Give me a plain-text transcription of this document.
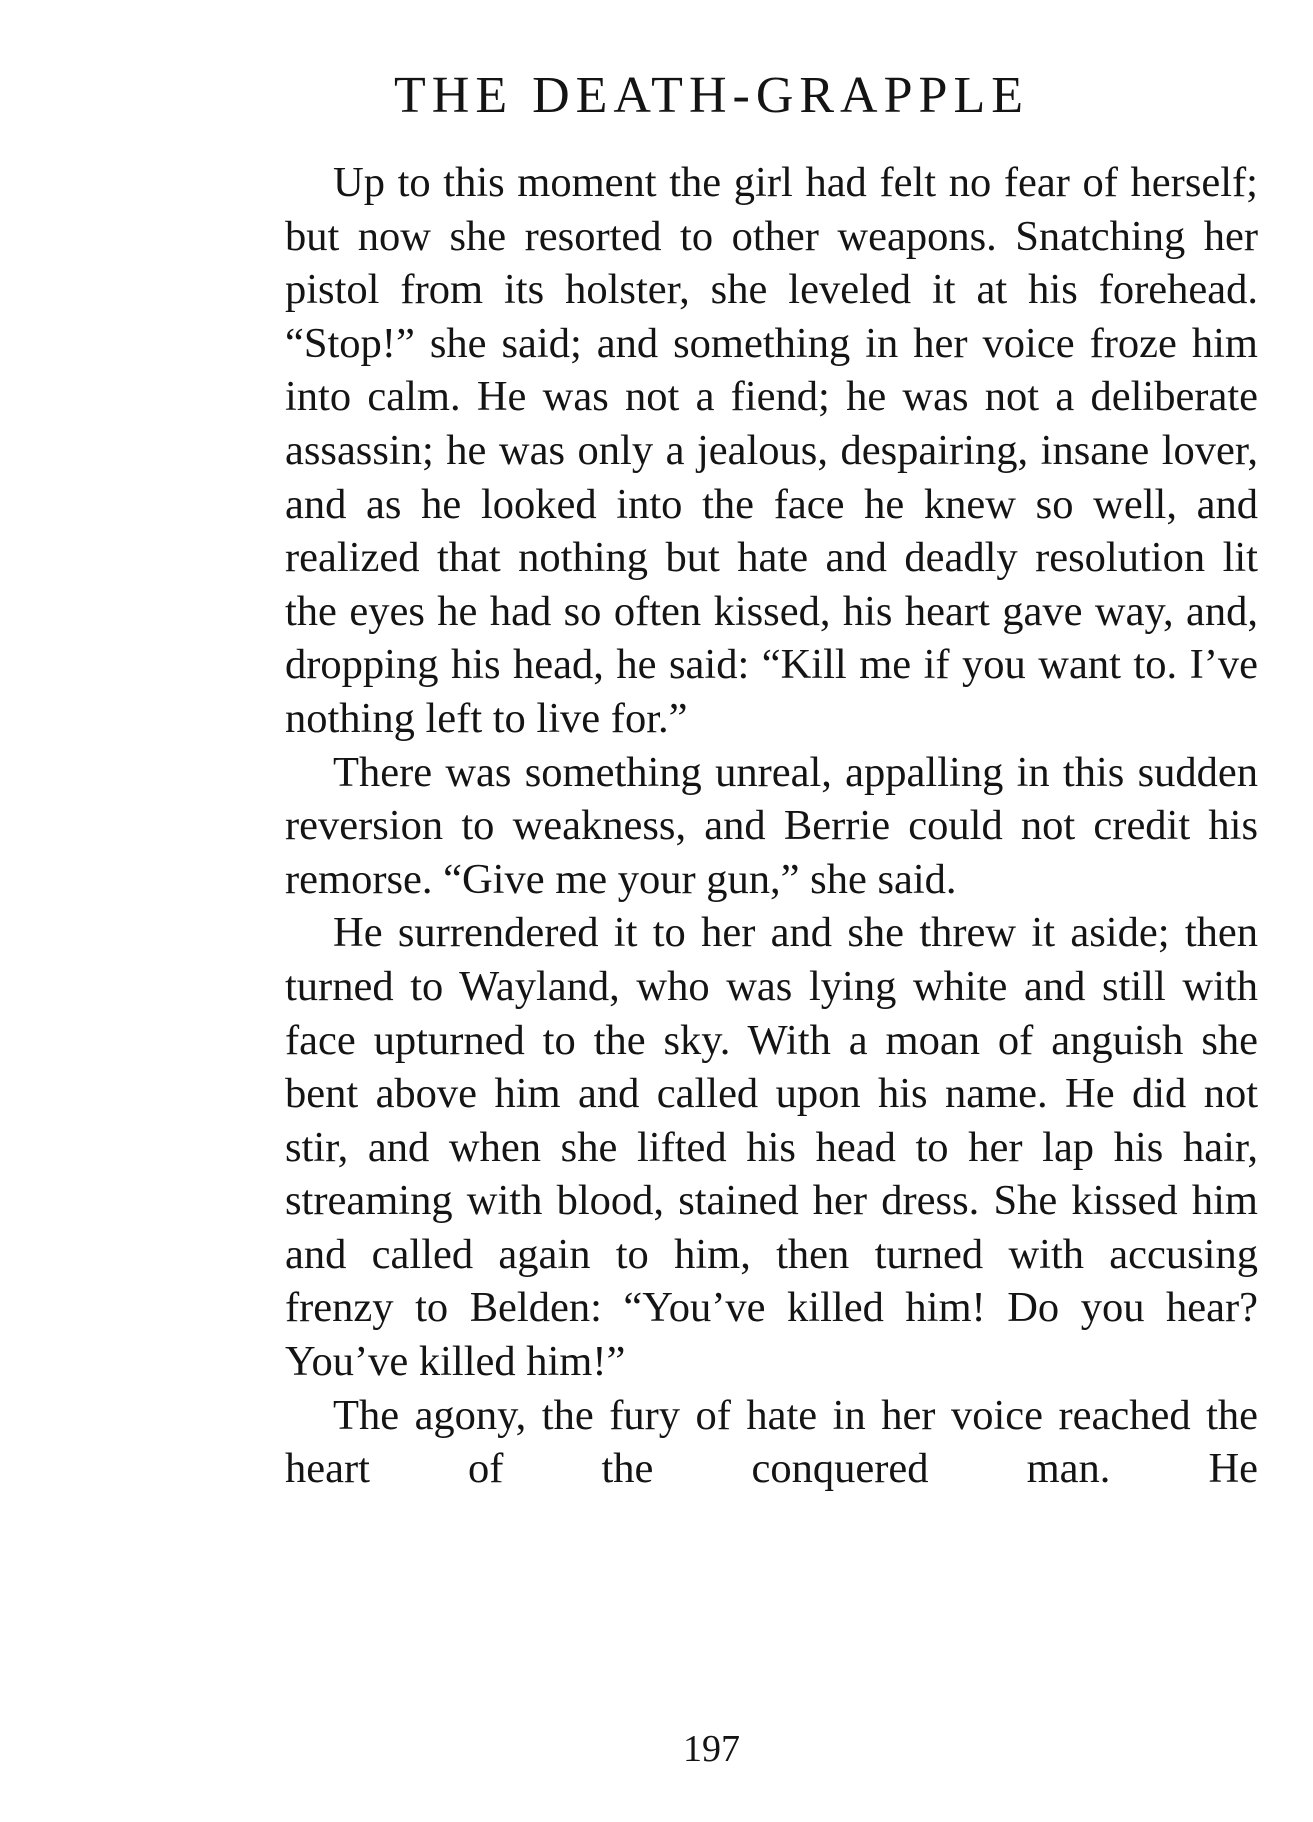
THE DEATH-GRAPPLE

Up to this moment the girl had felt no fear of herself; but now she resorted to other weapons. Snatching her pistol from its holster, she leveled it at his forehead. “Stop!” she said; and something in her voice froze him into calm. He was not a fiend; he was not a deliberate assassin; he was only a jealous, despairing, insane lover, and as he looked into the face he knew so well, and realized that nothing but hate and deadly resolution lit the eyes he had so often kissed, his heart gave way, and, dropping his head, he said: “Kill me if you want to. I’ve nothing left to live for.”

There was something unreal, appalling in this sudden reversion to weakness, and Berrie could not credit his remorse. “Give me your gun,” she said.

He surrendered it to her and she threw it aside; then turned to Wayland, who was lying white and still with face upturned to the sky. With a moan of anguish she bent above him and called upon his name. He did not stir, and when she lifted his head to her lap his hair, streaming with blood, stained her dress. She kissed him and called again to him, then turned with accusing frenzy to Belden: “You’ve killed him! Do you hear? You’ve killed him!”

The agony, the fury of hate in her voice reached the heart of the conquered man. He

197
